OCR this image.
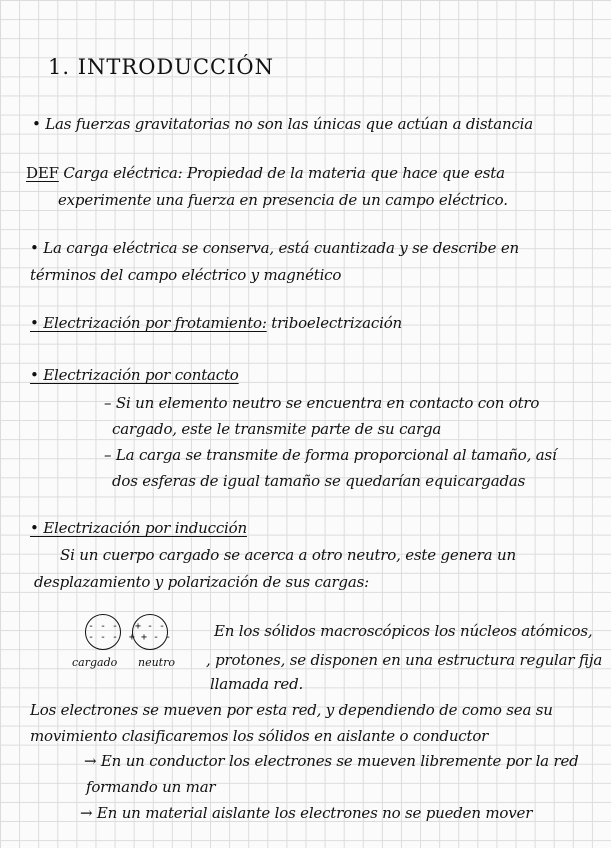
1. INTRODUCCIÓN
• Las fuerzas gravitatorias no son las únicas que actúan a distancia
DEF Carga eléctrica: Propiedad de la materia que hace que esta
experimente una fuerza en presencia de un campo eléctrico.
• La carga eléctrica se conserva, está cuantizada y se describe en
términos del campo eléctrico y magnético
• Electrización por frotamiento: triboelectrización
• Electrización por contacto
– Si un elemento neutro se encuentra en contacto con otro
cargado, este le transmite parte de su carga
– La carga se transmite de forma proporcional al tamaño, así
dos esferas de igual tamaño se quedarían equicargadas
• Electrización por inducción
Si un cuerpo cargado se acerca a otro neutro, este genera un
desplazamiento y polarización de sus cargas:
- - -
- - -
+ - -
+ + - -
cargado neutro
En los sólidos macroscópicos los núcleos atómicos,
, protones, se disponen en una estructura regular fija
llamada red.
Los electrones se mueven por esta red, y dependiendo de como sea su
movimiento clasificaremos los sólidos en aislante o conductor
→ En un conductor los electrones se mueven libremente por la red
formando un mar
→ En un material aislante los electrones no se pueden mover
